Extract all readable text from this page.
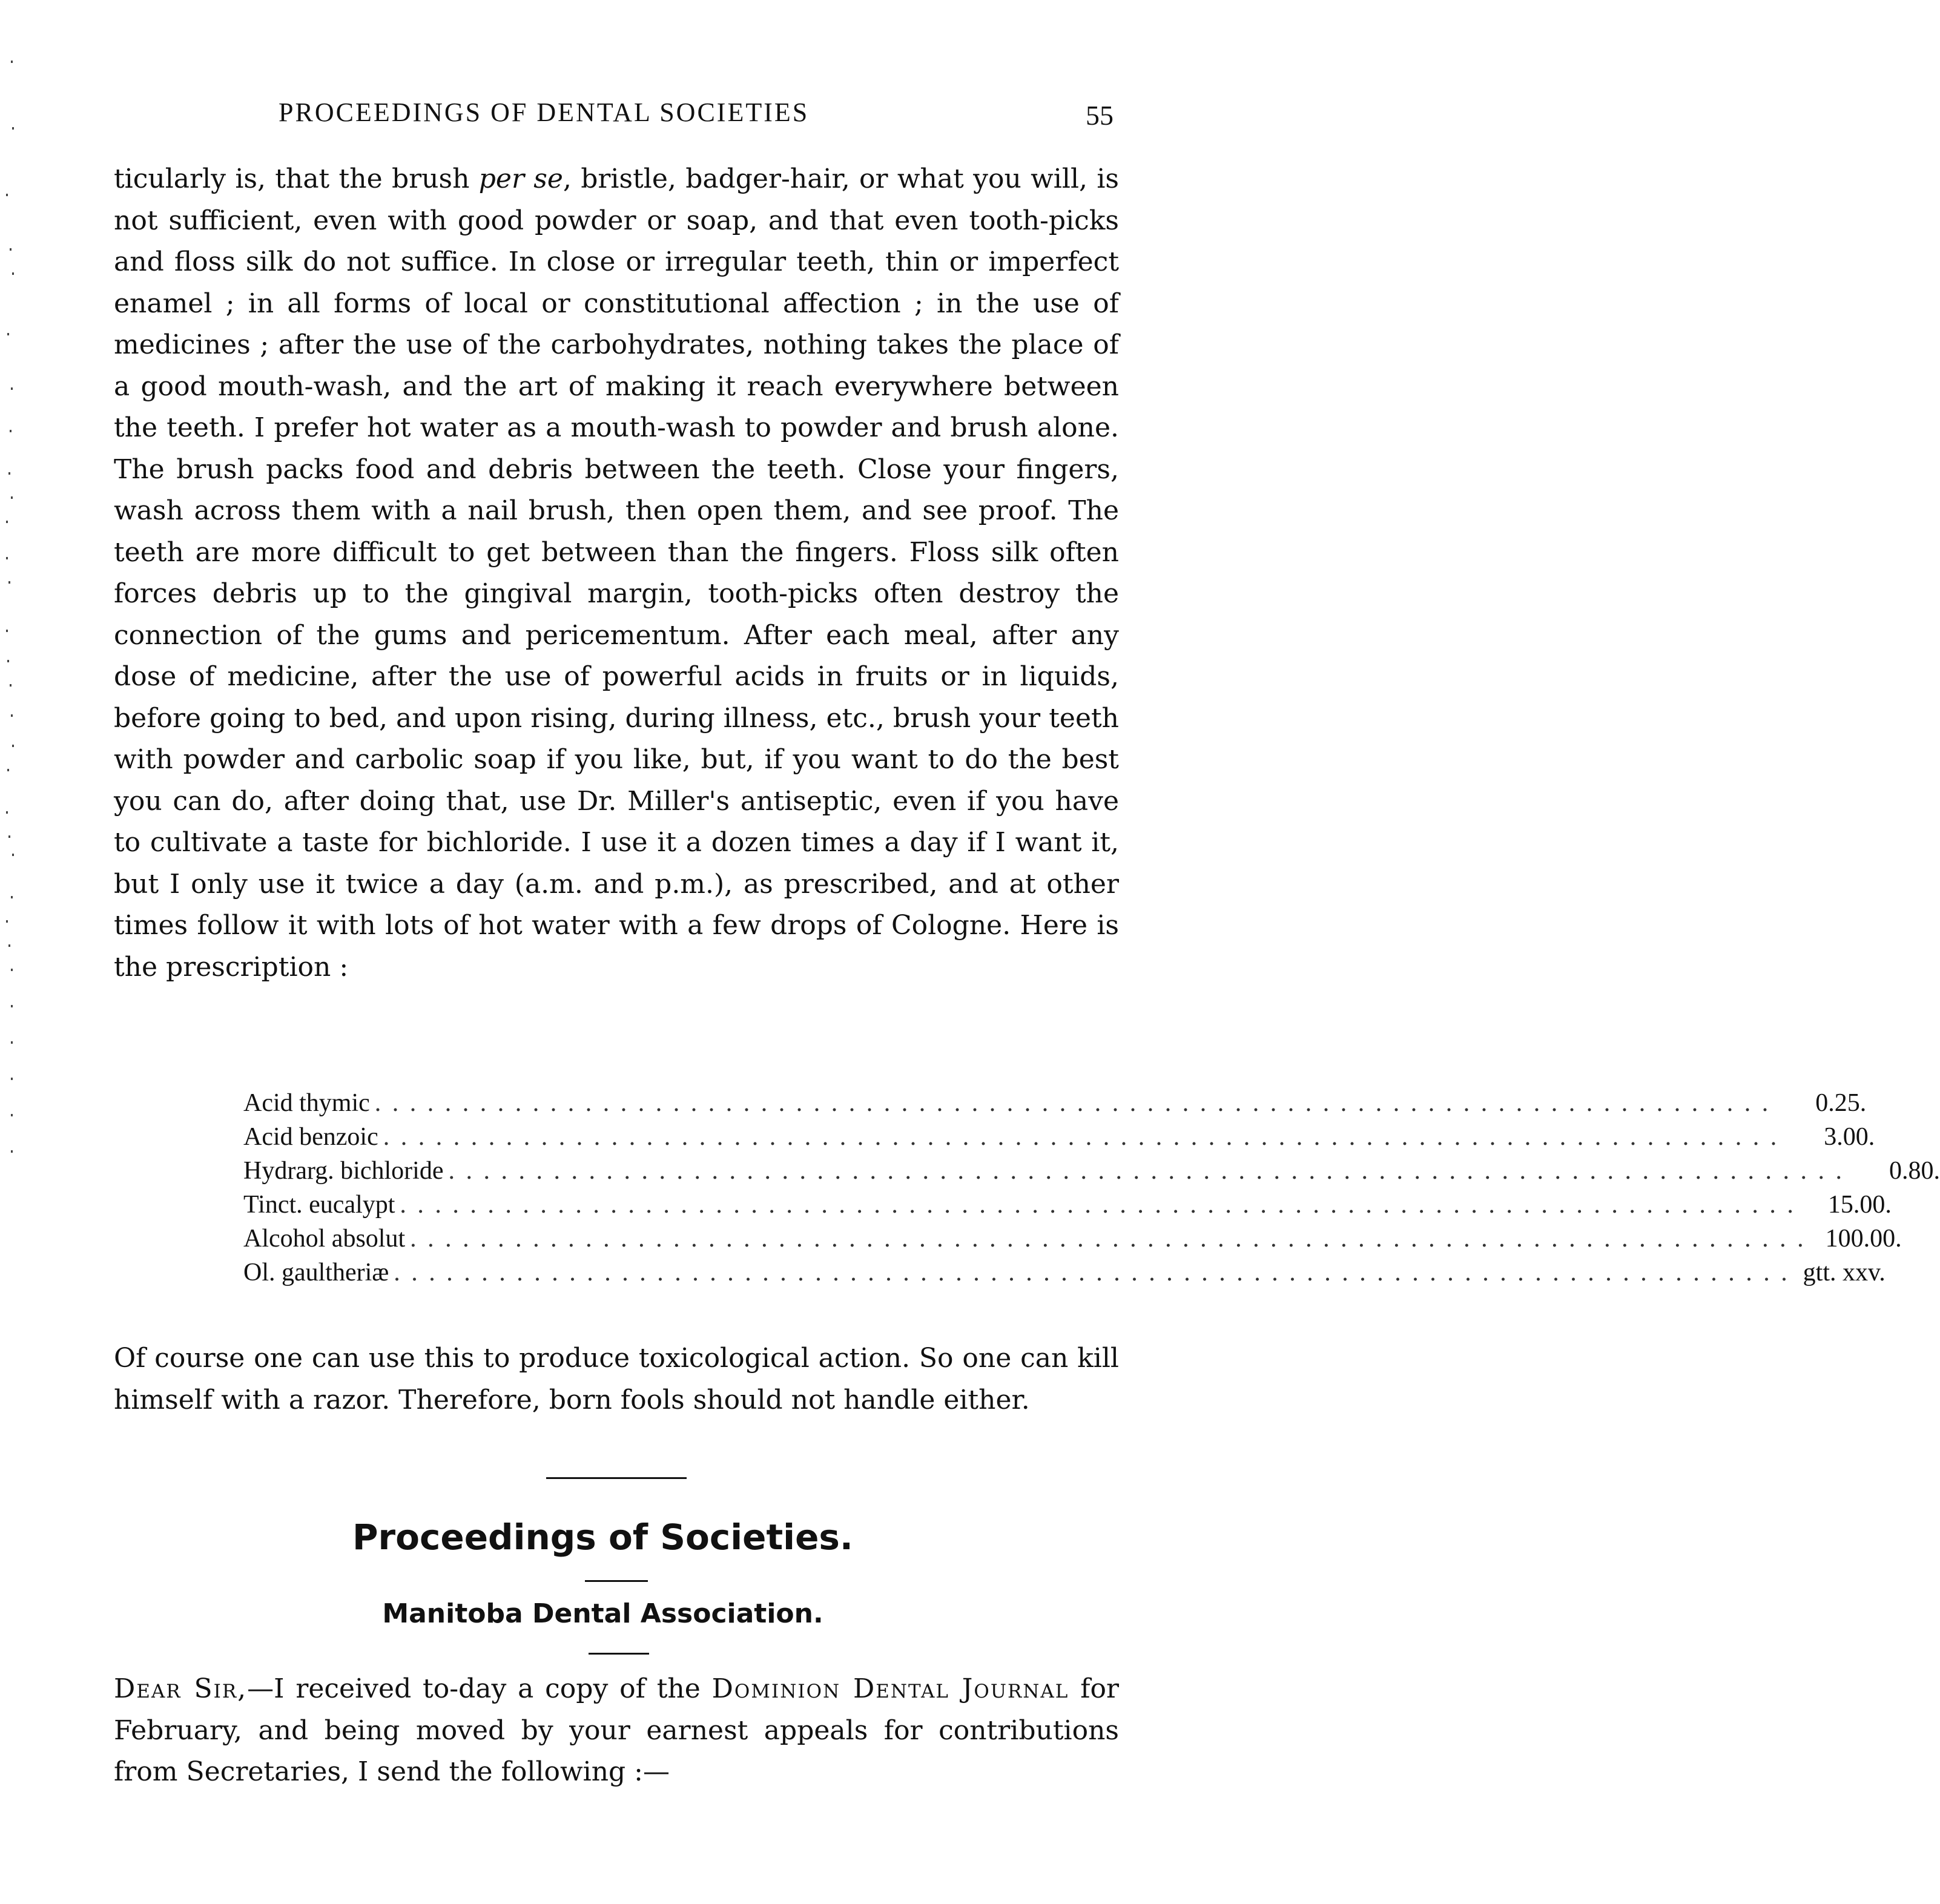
PROCEEDINGS OF DENTAL SOCIETIES	55

ticularly is, that the brush per se, bristle, badger-hair, or what you will, is not sufficient, even with good powder or soap, and that even tooth-picks and floss silk do not suffice. In close or irregular teeth, thin or imperfect enamel ; in all forms of local or constitutional affection ; in the use of medicines ; after the use of the carbohydrates, nothing takes the place of a good mouth-wash, and the art of making it reach everywhere between the teeth. I prefer hot water as a mouth-wash to powder and brush alone. The brush packs food and debris between the teeth. Close your fingers, wash across them with a nail brush, then open them, and see proof. The teeth are more difficult to get between than the fingers. Floss silk often forces debris up to the gingival margin, tooth-picks often destroy the connection of the gums and pericementum. After each meal, after any dose of medicine, after the use of powerful acids in fruits or in liquids, before going to bed, and upon rising, during illness, etc., brush your teeth with powder and carbolic soap if you like, but, if you want to do the best you can do, after doing that, use Dr. Miller's antiseptic, even if you have to cultivate a taste for bichloride. I use it a dozen times a day if I want it, but I only use it twice a day (a.m. and p.m.), as prescribed, and at other times follow it with lots of hot water with a few drops of Cologne. Here is the prescription :

Acid thymic . . . . . . . . . . . . . . . . . . . . . . . . . . . . . . . . . . . . . . . . . . . . . . . . . . . . . . . . . . . . . . . . . . . . . . . . . . . . . . . .	0.25.
Acid benzoic . . . . . . . . . . . . . . . . . . . . . . . . . . . . . . . . . . . . . . . . . . . . . . . . . . . . . . . . . . . . . . . . . . . . . . . . . . . . . . . .	3.00.
Hydrarg. bichloride . . . . . . . . . . . . . . . . . . . . . . . . . . . . . . . . . . . . . . . . . . . . . . . . . . . . . . . . . . . . . . . . . . . . . . . . . . . . . . . .	0.80.
Tinct. eucalypt . . . . . . . . . . . . . . . . . . . . . . . . . . . . . . . . . . . . . . . . . . . . . . . . . . . . . . . . . . . . . . . . . . . . . . . . . . . . . . . .	15.00.
Alcohol absolut . . . . . . . . . . . . . . . . . . . . . . . . . . . . . . . . . . . . . . . . . . . . . . . . . . . . . . . . . . . . . . . . . . . . . . . . . . . . . . . . 100.00.
Ol. gaultheriæ . . . . . . . . . . . . . . . . . . . . . . . . . . . . . . . . . . . . . . . . . . . . . . . . . . . . . . . . . . . . . . . . . . . . . . . . . . . . . . . . gtt. xxv.

Of course one can use this to produce toxicological action. So one can kill himself with a razor. Therefore, born fools should not handle either.

Proceedings of Societies.
Manitoba Dental Association.

Dear Sir,—I received to-day a copy of the Dominion Dental Journal for February, and being moved by your earnest appeals for contributions from Secretaries, I send the following :—
